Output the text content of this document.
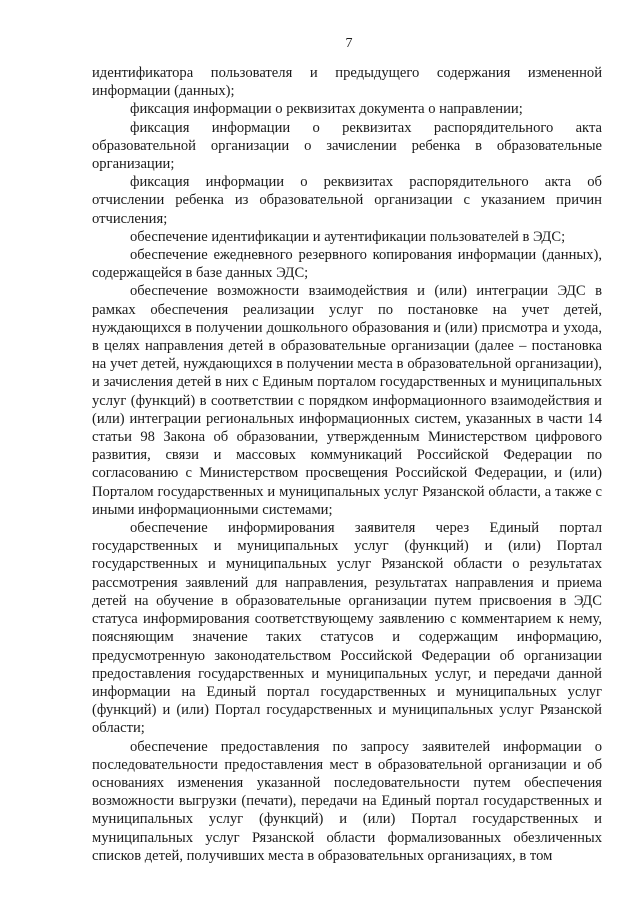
7

идентификатора пользователя и предыдущего содержания измененной информации (данных);

фиксация информации о реквизитах документа о направлении;

фиксация информации о реквизитах распорядительного акта образовательной организации о зачислении ребенка в образовательные организации;

фиксация информации о реквизитах распорядительного акта об отчислении ребенка из образовательной организации с указанием причин отчисления;

обеспечение идентификации и аутентификации пользователей в ЭДС;

обеспечение ежедневного резервного копирования информации (данных), содержащейся в базе данных ЭДС;

обеспечение возможности взаимодействия и (или) интеграции ЭДС в рамках обеспечения реализации услуг по постановке на учет детей, нуждающихся в получении дошкольного образования и (или) присмотра и ухода, в целях направления детей в образовательные организации (далее – постановка на учет детей, нуждающихся в получении места в образовательной организации), и зачисления детей в них с Единым порталом государственных и муниципальных услуг (функций) в соответствии с порядком информационного взаимодействия и (или) интеграции региональных информационных систем, указанных в части 14 статьи 98 Закона об образовании, утвержденным Министерством цифрового развития, связи и массовых коммуникаций Российской Федерации по согласованию с Министерством просвещения Российской Федерации, и (или) Порталом государственных и муниципальных услуг Рязанской области, а также с иными информационными системами;

обеспечение информирования заявителя через Единый портал государственных и муниципальных услуг (функций) и (или) Портал государственных и муниципальных услуг Рязанской области о результатах рассмотрения заявлений для направления, результатах направления и приема детей на обучение в образовательные организации путем присвоения в ЭДС статуса информирования соответствующему заявлению с комментарием к нему, поясняющим значение таких статусов и содержащим информацию, предусмотренную законодательством Российской Федерации об организации предоставления государственных и муниципальных услуг, и передачи данной информации на Единый портал государственных и муниципальных услуг (функций) и (или) Портал государственных и муниципальных услуг Рязанской области;

обеспечение предоставления по запросу заявителей информации о последовательности предоставления мест в образовательной организации и об основаниях изменения указанной последовательности путем обеспечения возможности выгрузки (печати), передачи на Единый портал государственных и муниципальных услуг (функций) и (или) Портал государственных и муниципальных услуг Рязанской области формализованных обезличенных списков детей, получивших места в образовательных организациях, в том
